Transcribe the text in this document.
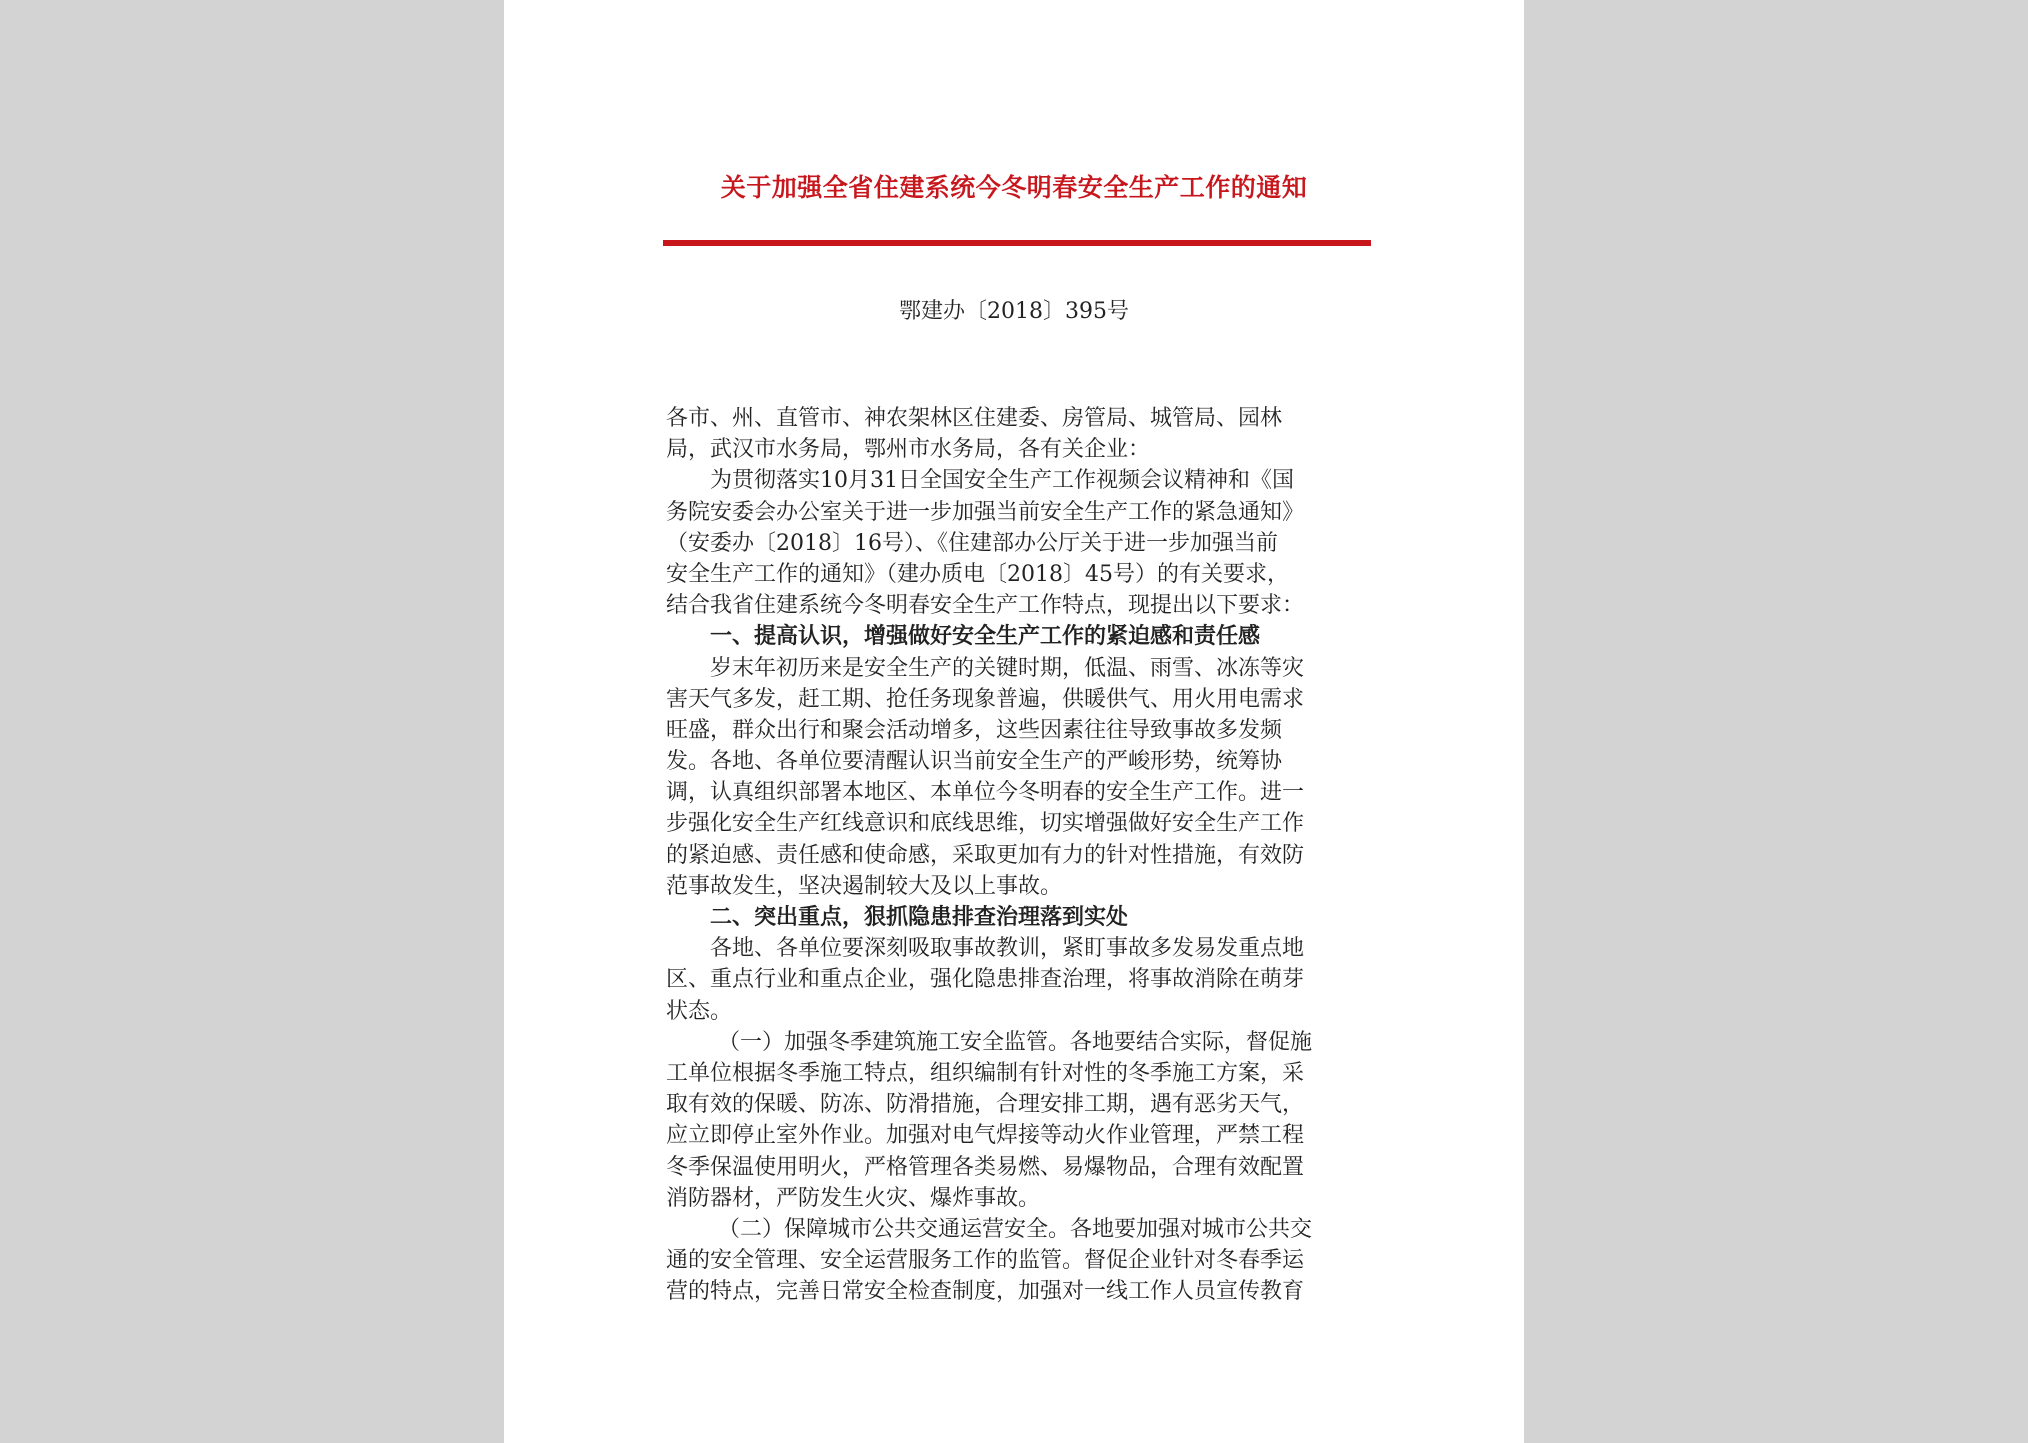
关于加强全省住建系统今冬明春安全生产工作的通知
鄂建办〔2018〕395号
各市、州、直管市、神农架林区住建委、房管局、城管局、园林
局，武汉市水务局，鄂州市水务局，各有关企业：
为贯彻落实10月31日全国安全生产工作视频会议精神和《国
务院安委会办公室关于进一步加强当前安全生产工作的紧急通知》
（安委办〔2018〕16号）、《住建部办公厅关于进一步加强当前
安全生产工作的通知》（建办质电〔2018〕45号）的有关要求，
结合我省住建系统今冬明春安全生产工作特点，现提出以下要求：
一、提高认识，增强做好安全生产工作的紧迫感和责任感
岁末年初历来是安全生产的关键时期，低温、雨雪、冰冻等灾
害天气多发，赶工期、抢任务现象普遍，供暖供气、用火用电需求
旺盛，群众出行和聚会活动增多，这些因素往往导致事故多发频
发。各地、各单位要清醒认识当前安全生产的严峻形势，统筹协
调，认真组织部署本地区、本单位今冬明春的安全生产工作。进一
步强化安全生产红线意识和底线思维，切实增强做好安全生产工作
的紧迫感、责任感和使命感，采取更加有力的针对性措施，有效防
范事故发生，坚决遏制较大及以上事故。
二、突出重点，狠抓隐患排查治理落到实处
各地、各单位要深刻吸取事故教训，紧盯事故多发易发重点地
区、重点行业和重点企业，强化隐患排查治理，将事故消除在萌芽
状态。
（一）加强冬季建筑施工安全监管。各地要结合实际，督促施
工单位根据冬季施工特点，组织编制有针对性的冬季施工方案，采
取有效的保暖、防冻、防滑措施，合理安排工期，遇有恶劣天气，
应立即停止室外作业。加强对电气焊接等动火作业管理，严禁工程
冬季保温使用明火，严格管理各类易燃、易爆物品，合理有效配置
消防器材，严防发生火灾、爆炸事故。
（二）保障城市公共交通运营安全。各地要加强对城市公共交
通的安全管理、安全运营服务工作的监管。督促企业针对冬春季运
营的特点，完善日常安全检查制度，加强对一线工作人员宣传教育
